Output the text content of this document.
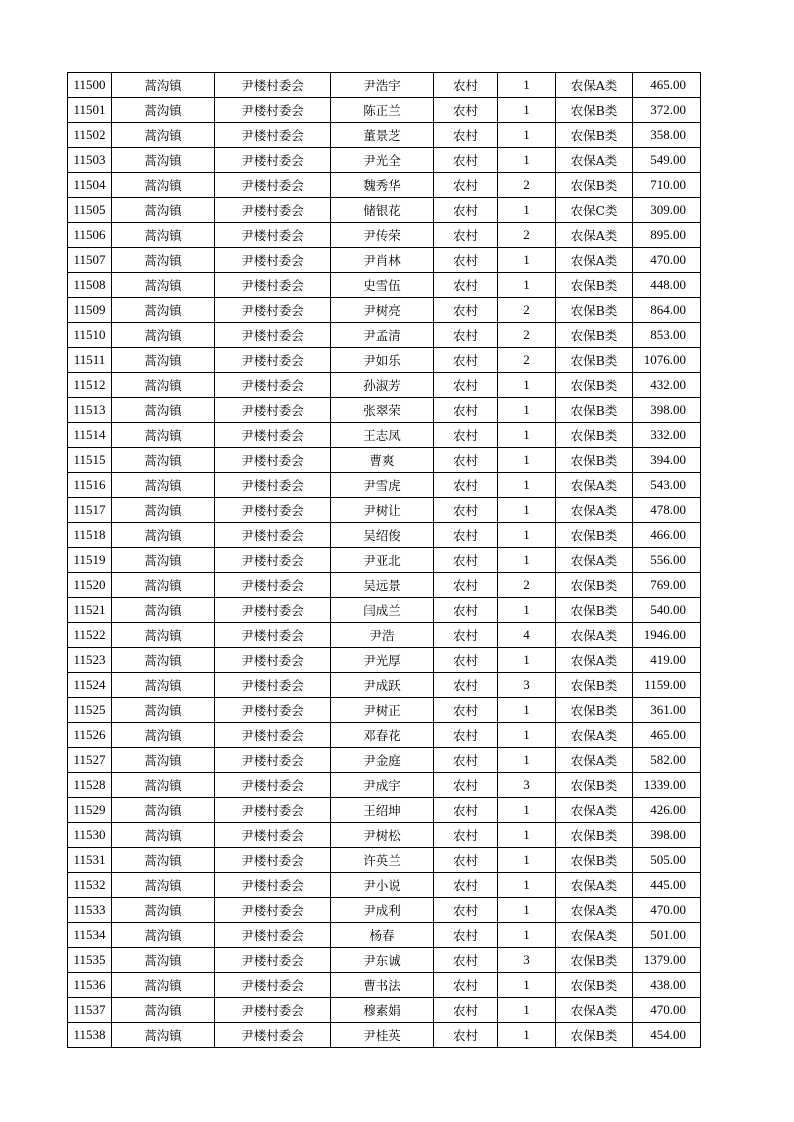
11500	蒿沟镇	尹楼村委会	尹浩宇	农村	1	农保A类	465.00
11501	蒿沟镇	尹楼村委会	陈正兰	农村	1	农保B类	372.00
11502	蒿沟镇	尹楼村委会	董景芝	农村	1	农保B类	358.00
11503	蒿沟镇	尹楼村委会	尹光全	农村	1	农保A类	549.00
11504	蒿沟镇	尹楼村委会	魏秀华	农村	2	农保B类	710.00
11505	蒿沟镇	尹楼村委会	储银花	农村	1	农保C类	309.00
11506	蒿沟镇	尹楼村委会	尹传荣	农村	2	农保A类	895.00
11507	蒿沟镇	尹楼村委会	尹肖林	农村	1	农保A类	470.00
11508	蒿沟镇	尹楼村委会	史雪伍	农村	1	农保B类	448.00
11509	蒿沟镇	尹楼村委会	尹树亮	农村	2	农保B类	864.00
11510	蒿沟镇	尹楼村委会	尹孟清	农村	2	农保B类	853.00
11511	蒿沟镇	尹楼村委会	尹如乐	农村	2	农保B类	1076.00
11512	蒿沟镇	尹楼村委会	孙淑芳	农村	1	农保B类	432.00
11513	蒿沟镇	尹楼村委会	张翠荣	农村	1	农保B类	398.00
11514	蒿沟镇	尹楼村委会	王志凤	农村	1	农保B类	332.00
11515	蒿沟镇	尹楼村委会	曹爽	农村	1	农保B类	394.00
11516	蒿沟镇	尹楼村委会	尹雪虎	农村	1	农保A类	543.00
11517	蒿沟镇	尹楼村委会	尹树让	农村	1	农保A类	478.00
11518	蒿沟镇	尹楼村委会	吴绍俊	农村	1	农保B类	466.00
11519	蒿沟镇	尹楼村委会	尹亚北	农村	1	农保A类	556.00
11520	蒿沟镇	尹楼村委会	吴远景	农村	2	农保B类	769.00
11521	蒿沟镇	尹楼村委会	闫成兰	农村	1	农保B类	540.00
11522	蒿沟镇	尹楼村委会	尹浩	农村	4	农保A类	1946.00
11523	蒿沟镇	尹楼村委会	尹光厚	农村	1	农保A类	419.00
11524	蒿沟镇	尹楼村委会	尹成跃	农村	3	农保B类	1159.00
11525	蒿沟镇	尹楼村委会	尹树正	农村	1	农保B类	361.00
11526	蒿沟镇	尹楼村委会	邓春花	农村	1	农保A类	465.00
11527	蒿沟镇	尹楼村委会	尹金庭	农村	1	农保A类	582.00
11528	蒿沟镇	尹楼村委会	尹成宇	农村	3	农保B类	1339.00
11529	蒿沟镇	尹楼村委会	王绍坤	农村	1	农保A类	426.00
11530	蒿沟镇	尹楼村委会	尹树松	农村	1	农保B类	398.00
11531	蒿沟镇	尹楼村委会	许英兰	农村	1	农保B类	505.00
11532	蒿沟镇	尹楼村委会	尹小说	农村	1	农保A类	445.00
11533	蒿沟镇	尹楼村委会	尹成利	农村	1	农保A类	470.00
11534	蒿沟镇	尹楼村委会	杨春	农村	1	农保A类	501.00
11535	蒿沟镇	尹楼村委会	尹东诚	农村	3	农保B类	1379.00
11536	蒿沟镇	尹楼村委会	曹书法	农村	1	农保B类	438.00
11537	蒿沟镇	尹楼村委会	穆素娟	农村	1	农保A类	470.00
11538	蒿沟镇	尹楼村委会	尹桂英	农村	1	农保B类	454.00
